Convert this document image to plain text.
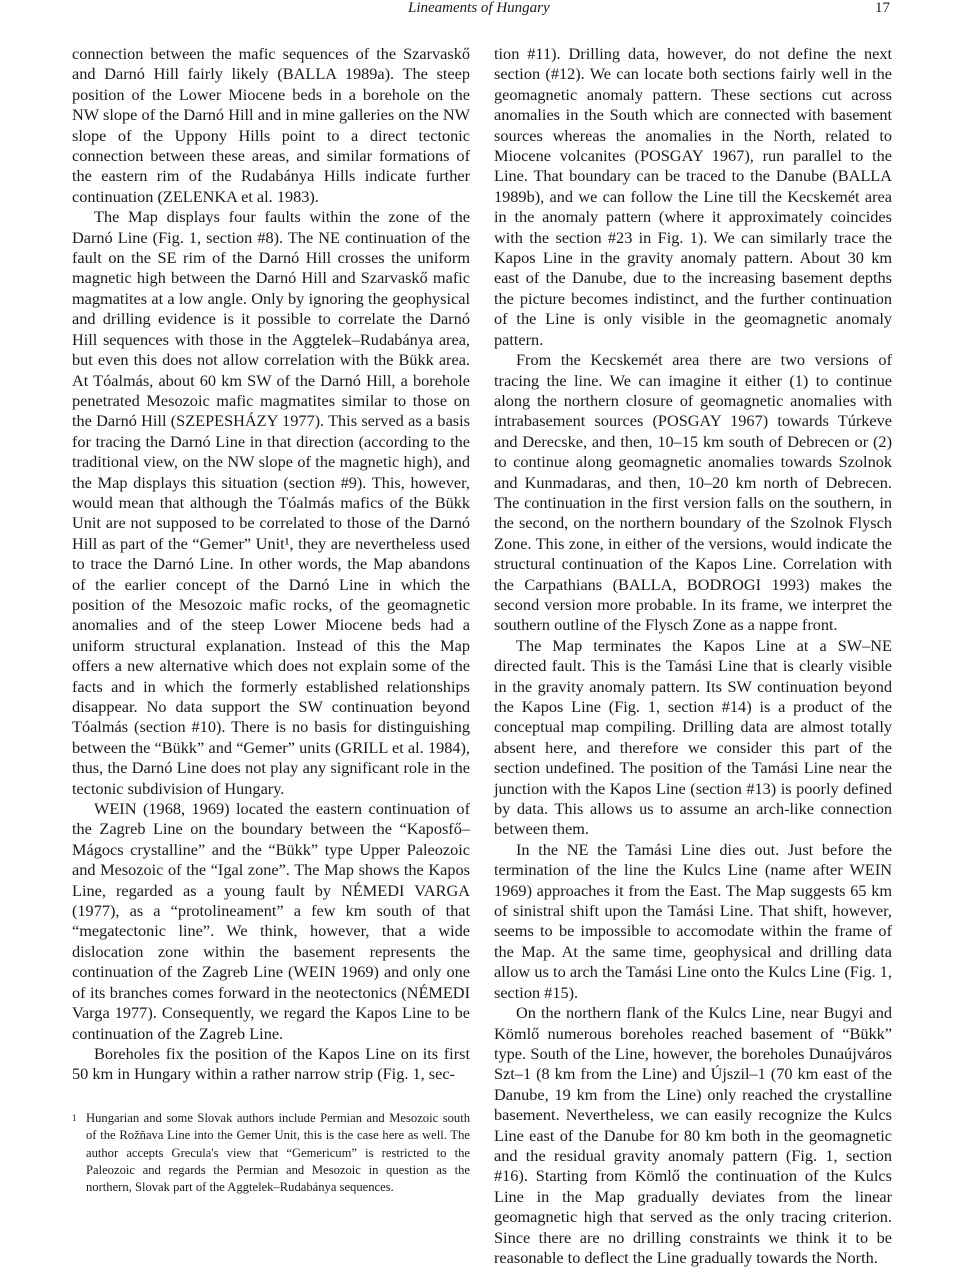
Lineaments of Hungary	17

connection between the mafic sequences of the Szarvaskő and Darnó Hill fairly likely (BALLA 1989a). The steep position of the Lower Miocene beds in a borehole on the NW slope of the Darnó Hill and in mine galleries on the NW slope of the Uppony Hills point to a direct tectonic connection between these areas, and similar formations of the eastern rim of the Rudabánya Hills indicate further continuation (ZELENKA et al. 1983).

The Map displays four faults within the zone of the Darnó Line (Fig. 1, section #8). The NE continuation of the fault on the SE rim of the Darnó Hill crosses the uniform magnetic high between the Darnó Hill and Szarvaskő mafic magmatites at a low angle. Only by ignoring the geophysical and drilling evidence is it possible to correlate the Darnó Hill sequences with those in the Aggtelek–Rudabánya area, but even this does not allow correlation with the Bükk area. At Tóalmás, about 60 km SW of the Darnó Hill, a borehole penetrated Mesozoic mafic magmatites similar to those on the Darnó Hill (SZEPESHÁZY 1977). This served as a basis for tracing the Darnó Line in that direction (according to the traditional view, on the NW slope of the magnetic high), and the Map displays this situation (section #9). This, however, would mean that although the Tóalmás mafics of the Bükk Unit are not supposed to be correlated to those of the Darnó Hill as part of the “Gemer” Unit¹, they are nevertheless used to trace the Darnó Line. In other words, the Map abandons of the earlier concept of the Darnó Line in which the position of the Mesozoic mafic rocks, of the geomagnetic anomalies and of the steep Lower Miocene beds had a uniform structural explanation. Instead of this the Map offers a new alternative which does not explain some of the facts and in which the formerly established relationships disappear. No data support the SW continuation beyond Tóalmás (section #10). There is no basis for distinguishing between the “Bükk” and “Gemer” units (GRILL et al. 1984), thus, the Darnó Line does not play any significant role in the tectonic subdivision of Hungary.

WEIN (1968, 1969) located the eastern continuation of the Zagreb Line on the boundary between the “Kaposfő–Mágocs crystalline” and the “Bükk” type Upper Paleozoic and Mesozoic of the “Igal zone”. The Map shows the Kapos Line, regarded as a young fault by NÉMEDI VARGA (1977), as a “protolineament” a few km south of that “megatectonic line”. We think, however, that a wide dislocation zone within the basement represents the continuation of the Zagreb Line (WEIN 1969) and only one of its branches comes forward in the neotectonics (NÉMEDI Varga 1977). Consequently, we regard the Kapos Line to be continuation of the Zagreb Line.

Boreholes fix the position of the Kapos Line on its first 50 km in Hungary within a rather narrow strip (Fig. 1, sec-

1 Hungarian and some Slovak authors include Permian and Mesozoic south of the Rožňava Line into the Gemer Unit, this is the case here as well. The author accepts Grecula's view that “Gemericum” is restricted to the Paleozoic and regards the Permian and Mesozoic in question as the northern, Slovak part of the Aggtelek–Rudabánya sequences.

tion #11). Drilling data, however, do not define the next section (#12). We can locate both sections fairly well in the geomagnetic anomaly pattern. These sections cut across anomalies in the South which are connected with basement sources whereas the anomalies in the North, related to Miocene volcanites (POSGAY 1967), run parallel to the Line. That boundary can be traced to the Danube (BALLA 1989b), and we can follow the Line till the Kecskemét area in the anomaly pattern (where it approximately coincides with the section #23 in Fig. 1). We can similarly trace the Kapos Line in the gravity anomaly pattern. About 30 km east of the Danube, due to the increasing basement depths the picture becomes indistinct, and the further continuation of the Line is only visible in the geomagnetic anomaly pattern.

From the Kecskemét area there are two versions of tracing the line. We can imagine it either (1) to continue along the northern closure of geomagnetic anomalies with intrabasement sources (POSGAY 1967) towards Túrkeve and Derecske, and then, 10–15 km south of Debrecen or (2) to continue along geomagnetic anomalies towards Szolnok and Kunmadaras, and then, 10–20 km north of Debrecen. The continuation in the first version falls on the southern, in the second, on the northern boundary of the Szolnok Flysch Zone. This zone, in either of the versions, would indicate the structural continuation of the Kapos Line. Correlation with the Carpathians (BALLA, BODROGI 1993) makes the second version more probable. In its frame, we interpret the southern outline of the Flysch Zone as a nappe front.

The Map terminates the Kapos Line at a SW–NE directed fault. This is the Tamási Line that is clearly visible in the gravity anomaly pattern. Its SW continuation beyond the Kapos Line (Fig. 1, section #14) is a product of the conceptual map compiling. Drilling data are almost totally absent here, and therefore we consider this part of the section undefined. The position of the Tamási Line near the junction with the Kapos Line (section #13) is poorly defined by data. This allows us to assume an arch-like connection between them.

In the NE the Tamási Line dies out. Just before the termination of the line the Kulcs Line (name after WEIN 1969) approaches it from the East. The Map suggests 65 km of sinistral shift upon the Tamási Line. That shift, however, seems to be impossible to accomodate within the frame of the Map. At the same time, geophysical and drilling data allow us to arch the Tamási Line onto the Kulcs Line (Fig. 1, section #15).

On the northern flank of the Kulcs Line, near Bugyi and Kömlő numerous boreholes reached basement of “Bükk” type. South of the Line, however, the boreholes Dunaújváros Szt–1 (8 km from the Line) and Újszil–1 (70 km east of the Danube, 19 km from the Line) only reached the crystalline basement. Nevertheless, we can easily recognize the Kulcs Line east of the Danube for 80 km both in the geomagnetic and the residual gravity anomaly pattern (Fig. 1, section #16). Starting from Kömlő the continuation of the Kulcs Line in the Map gradually deviates from the linear geomagnetic high that served as the only tracing criterion. Since there are no drilling constraints we think it to be reasonable to deflect the Line gradually towards the North.
